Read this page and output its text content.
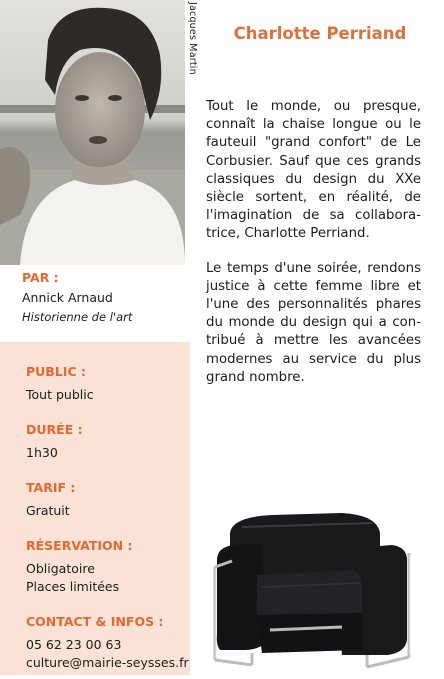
Jacques Martin	Charlotte Perriand

Tout le monde, ou presque, connaît la chaise longue ou le fauteuil "grand confort" de Le Corbusier. Sauf que ces grands classiques du design du XXe siècle sortent, en réalité, de l'imagination de sa collabora-trice, Charlotte Perriand.

Le temps d'une soirée, rendons justice à cette femme libre et l'une des personnalités phares du monde du design qui a con-tribué à mettre les avancées modernes au service du plus grand nombre.

PAR :
Annick Arnaud
Historienne de l'art
PUBLIC :
Tout public
DURÉE :
1h30
TARIF :
Gratuit
RÉSERVATION :
Obligatoire
Places limitées
CONTACT & INFOS :
05 62 23 00 63
culture@mairie-seysses.fr
